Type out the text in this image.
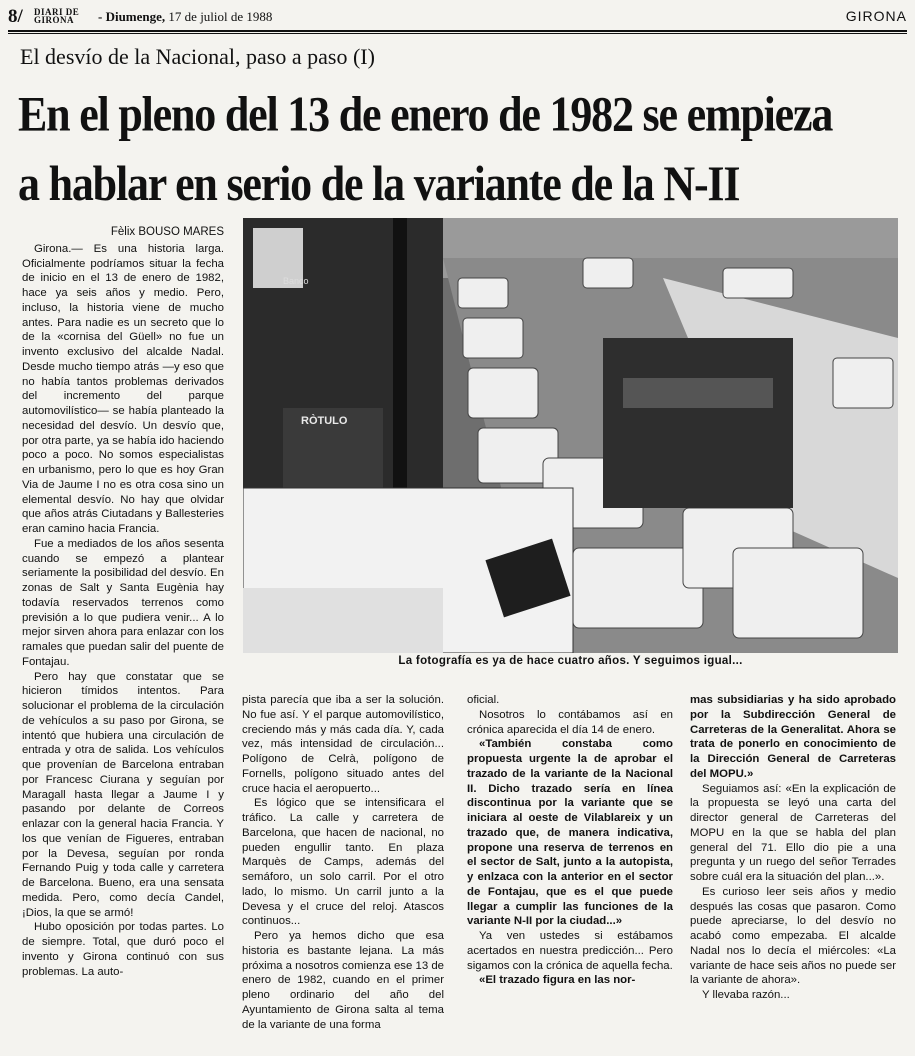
8/ DIARI DE
GIRONA	- Diumenge, 17 de juliol de 1988	GIRONA
El desvío de la Nacional, paso a paso (I)
En el pleno del 13 de enero de 1982 se empieza
a hablar en serio de la variante de la N-II

Fèlix BOUSO MARES

Girona.— Es una historia larga. Oficialmente podríamos situar la fecha de inicio en el 13 de enero de 1982, hace ya seis años y medio. Pero, incluso, la historia viene de mucho antes. Para nadie es un secreto que lo de la «cornisa del Güell» no fue un invento exclusivo del alcalde Nadal. Desde mucho tiempo atrás —y eso que no había tantos problemas derivados del incremento del parque automovilístico— se había planteado la necesidad del desvío. Un desvío que, por otra parte, ya se había ido haciendo poco a poco. No somos especialistas en urbanismo, pero lo que es hoy Gran Via de Jaume I no es otra cosa sino un elemental desvío. No hay que olvidar que años atrás Ciutadans y Ballesteries eran camino hacia Francia.

Fue a mediados de los años sesenta cuando se empezó a plantear seriamente la posibilidad del desvío. En zonas de Salt y Santa Eugènia hay todavía reservados terrenos como previsión a lo que pudiera venir... A lo mejor sirven ahora para enlazar con los ramales que puedan salir del puente de Fontajau.

Pero hay que constatar que se hicieron tímidos intentos. Para solucionar el problema de la circulación de vehículos a su paso por Girona, se intentó que hubiera una circulación de entrada y otra de salida. Los vehículos que provenían de Barcelona entraban por Francesc Ciurana y seguían por Maragall hasta llegar a Jaume I y pasando por delante de Correos enlazar con la general hacia Francia. Y los que venían de Figueres, entraban por la Devesa, seguían por ronda Fernando Puig y toda calle y carretera de Barcelona. Bueno, era una sensata medida. Pero, como decía Candel, ¡Dios, la que se armó!

Hubo oposición por todas partes. Lo de siempre. Total, que duró poco el invento y Girona continuó con sus problemas. La auto-

RÒTULO
Banco
La fotografía es ya de hace cuatro años. Y seguimos igual...

pista parecía que iba a ser la solución. No fue así. Y el parque automovilístico, creciendo más y más cada día. Y, cada vez, más intensidad de circulación... Polígono de Celrà, polígono de Fornells, polígono situado antes del cruce hacia el aeropuerto...

Es lógico que se intensificara el tráfico. La calle y carretera de Barcelona, que hacen de nacional, no pueden engullir tanto. En plaza Marquès de Camps, además del semáforo, un solo carril. Por el otro lado, lo mismo. Un carril junto a la Devesa y el cruce del reloj. Atascos continuos...

Pero ya hemos dicho que esa historia es bastante lejana. La más próxima a nosotros comienza ese 13 de enero de 1982, cuando en el primer pleno ordinario del año del Ayuntamiento de Girona salta al tema de la variante de una forma

oficial.

Nosotros lo contábamos así en crónica aparecida el día 14 de enero.

«También constaba como propuesta urgente la de aprobar el trazado de la variante de la Nacional II. Dicho trazado sería en línea discontinua por la variante que se iniciara al oeste de Vilablareix y un trazado que, de manera indicativa, propone una reserva de terrenos en el sector de Salt, junto a la autopista, y enlzaca con la anterior en el sector de Fontajau, que es el que puede llegar a cumplir las funciones de la variante N-II por la ciudad...»

Ya ven ustedes si estábamos acertados en nuestra predicción... Pero sigamos con la crónica de aquella fecha.

«El trazado figura en las nor-

mas subsidiarias y ha sido aprobado por la Subdirección General de Carreteras de la Generalitat. Ahora se trata de ponerlo en conocimiento de la Dirección General de Carreteras del MOPU.»

Seguiamos así: «En la explicación de la propuesta se leyó una carta del director general de Carreteras del MOPU en la que se habla del plan general del 71. Ello dio pie a una pregunta y un ruego del señor Terrades sobre cuál era la situación del plan...».

Es curioso leer seis años y medio después las cosas que pasaron. Como puede apreciarse, lo del desvío no acabó como empezaba. El alcalde Nadal nos lo decía el miércoles: «La variante de hace seis años no puede ser la variante de ahora».

Y llevaba razón...
